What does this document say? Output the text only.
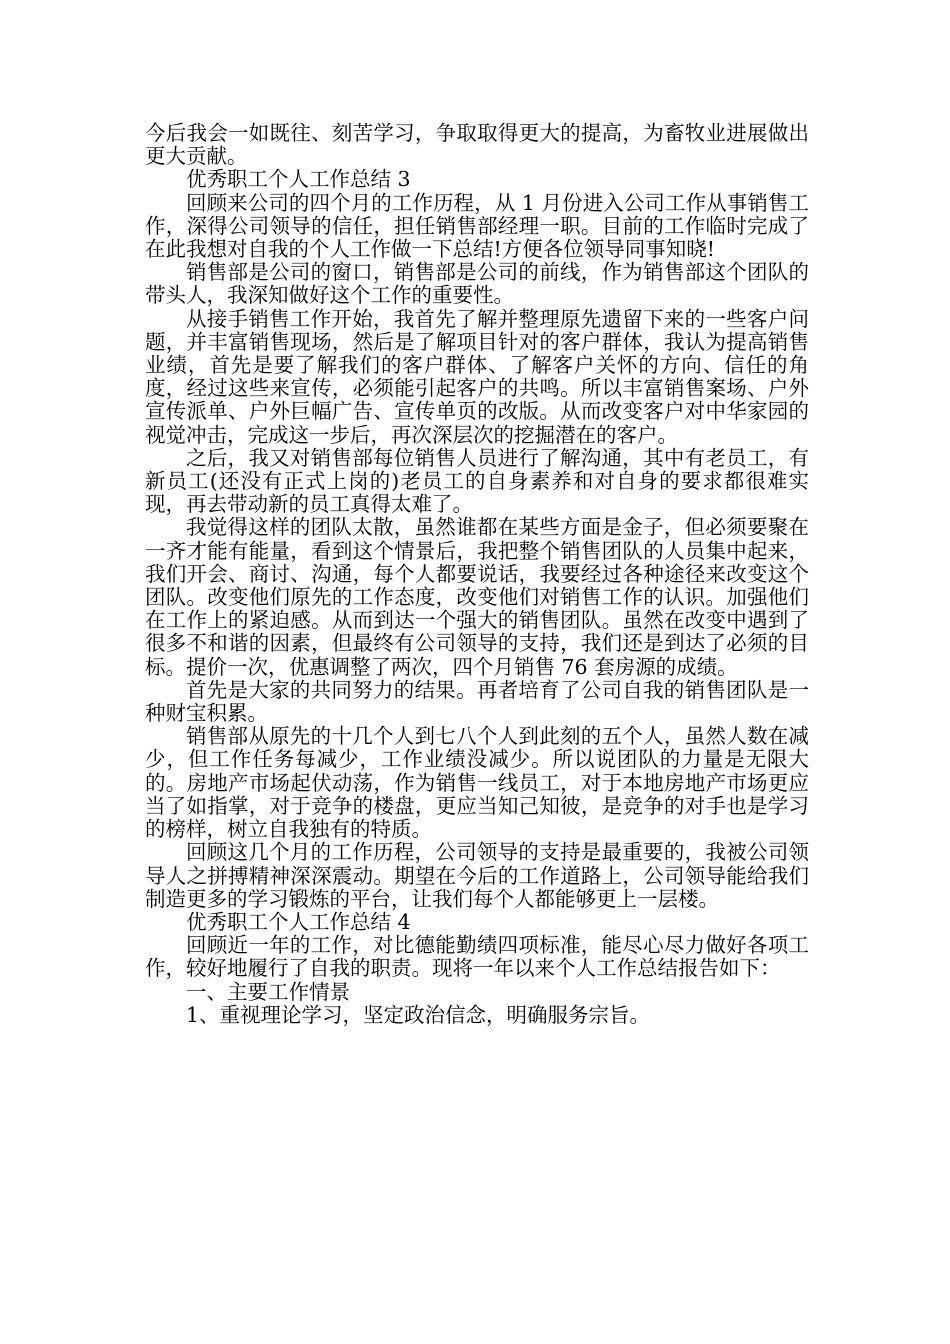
今后我会一如既往、刻苦学习，争取取得更大的提高，为畜牧业进展做出更大贡献。

优秀职工个人工作总结 3

回顾来公司的四个月的工作历程，从 1 月份进入公司工作从事销售工作，深得公司领导的信任，担任销售部经理一职。目前的工作临时完成了在此我想对自我的个人工作做一下总结!方便各位领导同事知晓!

销售部是公司的窗口，销售部是公司的前线，作为销售部这个团队的带头人，我深知做好这个工作的重要性。

从接手销售工作开始，我首先了解并整理原先遗留下来的一些客户问题，并丰富销售现场，然后是了解项目针对的客户群体，我认为提高销售业绩，首先是要了解我们的客户群体、了解客户关怀的方向、信任的角度，经过这些来宣传，必须能引起客户的共鸣。所以丰富销售案场、户外宣传派单、户外巨幅广告、宣传单页的改版。从而改变客户对中华家园的视觉冲击，完成这一步后，再次深层次的挖掘潜在的客户。

之后，我又对销售部每位销售人员进行了解沟通，其中有老员工，有新员工(还没有正式上岗的)老员工的自身素养和对自身的要求都很难实现，再去带动新的员工真得太难了。

我觉得这样的团队太散，虽然谁都在某些方面是金子，但必须要聚在一齐才能有能量，看到这个情景后，我把整个销售团队的人员集中起来，我们开会、商讨、沟通，每个人都要说话，我要经过各种途径来改变这个团队。改变他们原先的工作态度，改变他们对销售工作的认识。加强他们在工作上的紧迫感。从而到达一个强大的销售团队。虽然在改变中遇到了很多不和谐的因素，但最终有公司领导的支持，我们还是到达了必须的目标。提价一次，优惠调整了两次，四个月销售 76 套房源的成绩。

首先是大家的共同努力的结果。再者培育了公司自我的销售团队是一种财宝积累。

销售部从原先的十几个人到七八个人到此刻的五个人，虽然人数在减少，但工作任务每减少，工作业绩没减少。所以说团队的力量是无限大的。房地产市场起伏动荡，作为销售一线员工，对于本地房地产市场更应当了如指掌，对于竞争的楼盘，更应当知己知彼，是竞争的对手也是学习的榜样，树立自我独有的特质。

回顾这几个月的工作历程，公司领导的支持是最重要的，我被公司领导人之拼搏精神深深震动。期望在今后的工作道路上，公司领导能给我们制造更多的学习锻炼的平台，让我们每个人都能够更上一层楼。

优秀职工个人工作总结 4

回顾近一年的工作，对比德能勤绩四项标准，能尽心尽力做好各项工作，较好地履行了自我的职责。现将一年以来个人工作总结报告如下：

一、主要工作情景

1、重视理论学习，坚定政治信念，明确服务宗旨。
